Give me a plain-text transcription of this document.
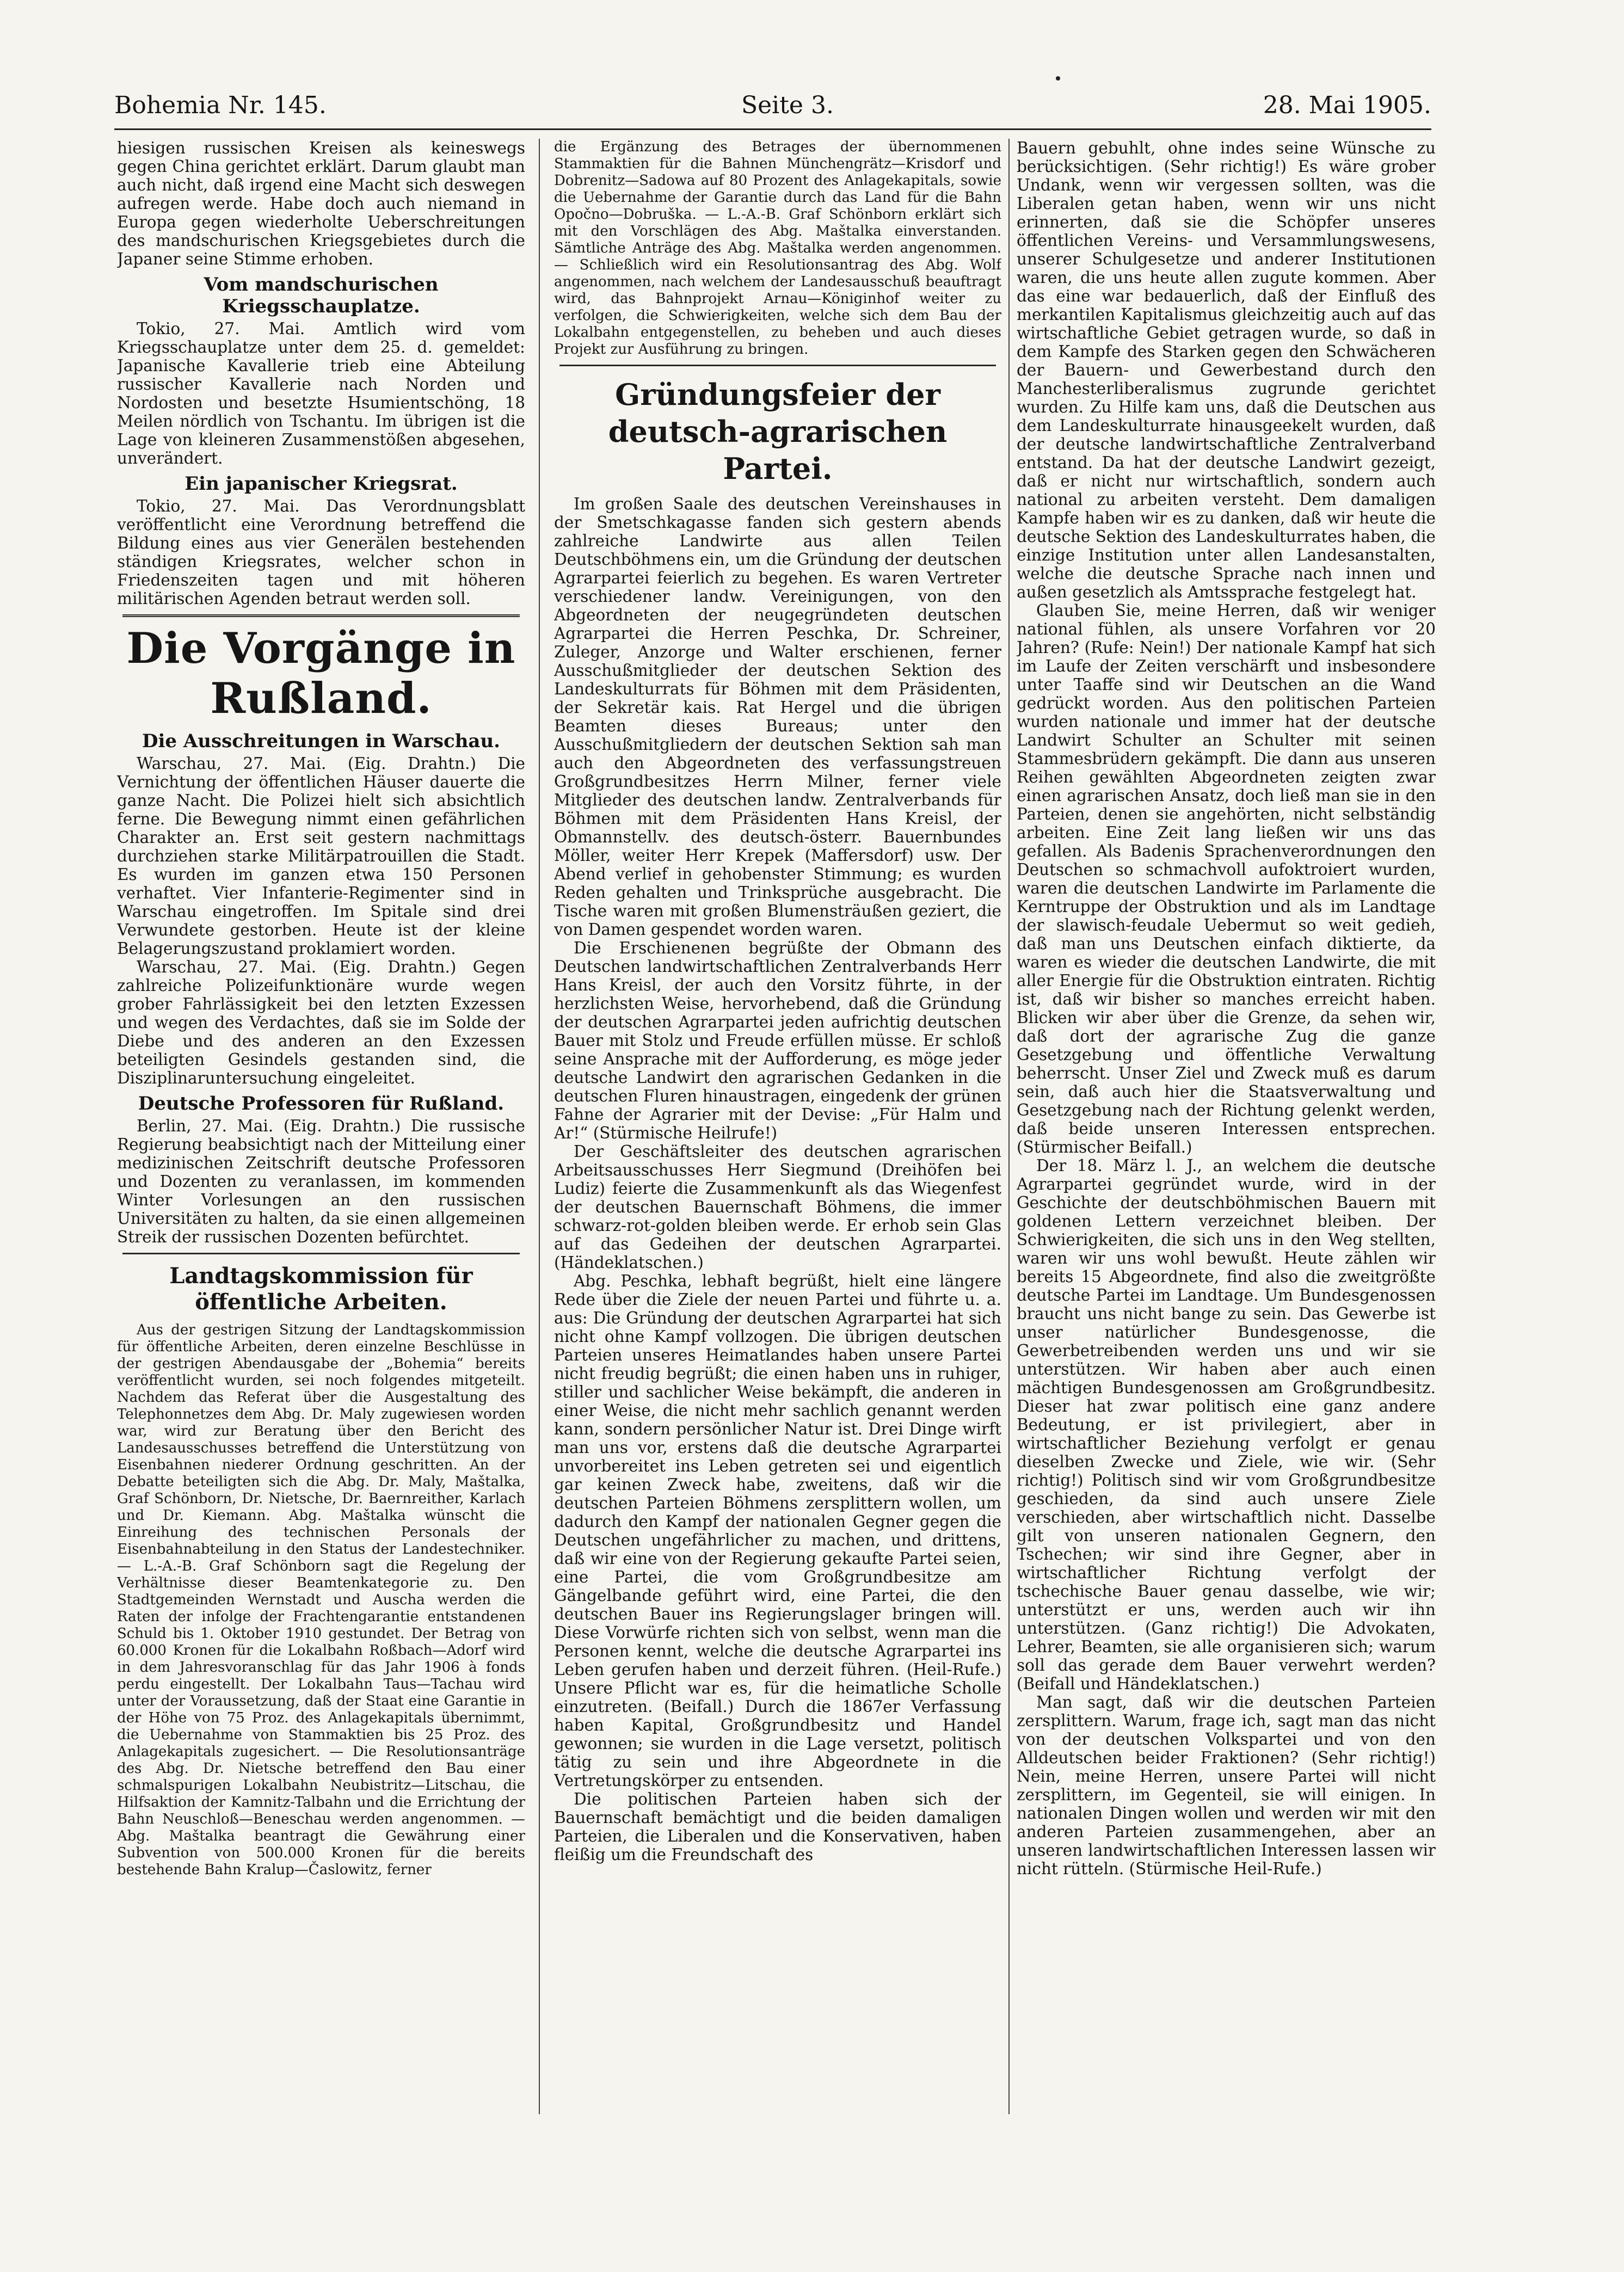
Bohemia Nr. 145.	Seite 3.	28. Mai 1905.

hiesigen russischen Kreisen als keineswegs gegen China gerichtet erklärt. Darum glaubt man auch nicht, daß irgend eine Macht sich deswegen aufregen werde. Habe doch auch niemand in Europa gegen wiederholte Ueberschreitungen des mandschurischen Kriegsgebietes durch die Japaner seine Stimme erhoben.

Vom mandschurischen Kriegsschauplatze.

Tokio, 27. Mai. Amtlich wird vom Kriegsschauplatze unter dem 25. d. gemeldet: Japanische Kavallerie trieb eine Abteilung russischer Kavallerie nach Norden und Nordosten und besetzte Hsumientschöng, 18 Meilen nördlich von Tschantu. Im übrigen ist die Lage von kleineren Zusammenstößen abgesehen, unverändert.

Ein japanischer Kriegsrat.

Tokio, 27. Mai. Das Verordnungsblatt veröffentlicht eine Verordnung betreffend die Bildung eines aus vier Generälen bestehenden ständigen Kriegsrates, welcher schon in Friedenszeiten tagen und mit höheren militärischen Agenden betraut werden soll.

Die Vorgänge in Rußland.
Die Ausschreitungen in Warschau.

Warschau, 27. Mai. (Eig. Drahtn.) Die Vernichtung der öffentlichen Häuser dauerte die ganze Nacht. Die Polizei hielt sich absichtlich ferne. Die Bewegung nimmt einen gefährlichen Charakter an. Erst seit gestern nachmittags durchziehen starke Militärpatrouillen die Stadt. Es wurden im ganzen etwa 150 Personen verhaftet. Vier Infanterie-Regimenter sind in Warschau eingetroffen. Im Spitale sind drei Verwundete gestorben. Heute ist der kleine Belagerungszustand proklamiert worden.

Warschau, 27. Mai. (Eig. Drahtn.) Gegen zahlreiche Polizeifunktionäre wurde wegen grober Fahrlässigkeit bei den letzten Exzessen und wegen des Verdachtes, daß sie im Solde der Diebe und des anderen an den Exzessen beteiligten Gesindels gestanden sind, die Disziplinaruntersuchung eingeleitet.

Deutsche Professoren für Rußland.

Berlin, 27. Mai. (Eig. Drahtn.) Die russische Regierung beabsichtigt nach der Mitteilung einer medizinischen Zeitschrift deutsche Professoren und Dozenten zu veranlassen, im kommenden Winter Vorlesungen an den russischen Universitäten zu halten, da sie einen allgemeinen Streik der russischen Dozenten befürchtet.

Landtagskommission für öffentliche Arbeiten.

Aus der gestrigen Sitzung der Landtagskommission für öffentliche Arbeiten, deren einzelne Beschlüsse in der gestrigen Abendausgabe der „Bohemia“ bereits veröffentlicht wurden, sei noch folgendes mitgeteilt. Nachdem das Referat über die Ausgestaltung des Telephonnetzes dem Abg. Dr. Maly zugewiesen worden war, wird zur Beratung über den Bericht des Landesausschusses betreffend die Unterstützung von Eisenbahnen niederer Ordnung geschritten. An der Debatte beteiligten sich die Abg. Dr. Maly, Maštalka, Graf Schönborn, Dr. Nietsche, Dr. Baernreither, Karlach und Dr. Kiemann. Abg. Maštalka wünscht die Einreihung des technischen Personals der Eisenbahnabteilung in den Status der Landestechniker. — L.-A.-B. Graf Schönborn sagt die Regelung der Verhältnisse dieser Beamtenkategorie zu. Den Stadtgemeinden Wernstadt und Auscha werden die Raten der infolge der Frachtengarantie entstandenen Schuld bis 1. Oktober 1910 gestundet. Der Betrag von 60.000 Kronen für die Lokalbahn Roßbach—Adorf wird in dem Jahresvoranschlag für das Jahr 1906 à fonds perdu eingestellt. Der Lokalbahn Taus—Tachau wird unter der Voraussetzung, daß der Staat eine Garantie in der Höhe von 75 Proz. des Anlagekapitals übernimmt, die Uebernahme von Stammaktien bis 25 Proz. des Anlagekapitals zugesichert. — Die Resolutionsanträge des Abg. Dr. Nietsche betreffend den Bau einer schmalspurigen Lokalbahn Neubistritz—Litschau, die Hilfsaktion der Kamnitz-Talbahn und die Errichtung der Bahn Neuschloß—Beneschau werden angenommen. — Abg. Maštalka beantragt die Gewährung einer Subvention von 500.000 Kronen für die bereits bestehende Bahn Kralup—Časlowitz, ferner

die Ergänzung des Betrages der übernommenen Stammaktien für die Bahnen Münchengrätz—Krisdorf und Dobrenitz—Sadowa auf 80 Prozent des Anlagekapitals, sowie die Uebernahme der Garantie durch das Land für die Bahn Opočno—Dobruška. — L.-A.-B. Graf Schönborn erklärt sich mit den Vorschlägen des Abg. Maštalka einverstanden. Sämtliche Anträge des Abg. Maštalka werden angenommen. — Schließlich wird ein Resolutionsantrag des Abg. Wolf angenommen, nach welchem der Landesausschuß beauftragt wird, das Bahnprojekt Arnau—Königinhof weiter zu verfolgen, die Schwierigkeiten, welche sich dem Bau der Lokalbahn entgegenstellen, zu beheben und auch dieses Projekt zur Ausführung zu bringen.

Gründungsfeier der deutsch-agrarischen Partei.

Im großen Saale des deutschen Vereinshauses in der Smetschkagasse fanden sich gestern abends zahlreiche Landwirte aus allen Teilen Deutschböhmens ein, um die Gründung der deutschen Agrarpartei feierlich zu begehen. Es waren Vertreter verschiedener landw. Vereinigungen, von den Abgeordneten der neugegründeten deutschen Agrarpartei die Herren Peschka, Dr. Schreiner, Zuleger, Anzorge und Walter erschienen, ferner Ausschußmitglieder der deutschen Sektion des Landeskulturrats für Böhmen mit dem Präsidenten, der Sekretär kais. Rat Hergel und die übrigen Beamten dieses Bureaus; unter den Ausschußmitgliedern der deutschen Sektion sah man auch den Abgeordneten des verfassungstreuen Großgrundbesitzes Herrn Milner, ferner viele Mitglieder des deutschen landw. Zentralverbands für Böhmen mit dem Präsidenten Hans Kreisl, der Obmannstellv. des deutsch-österr. Bauernbundes Möller, weiter Herr Krepek (Maffersdorf) usw. Der Abend verlief in gehobenster Stimmung; es wurden Reden gehalten und Trinksprüche ausgebracht. Die Tische waren mit großen Blumensträußen geziert, die von Damen gespendet worden waren.

Die Erschienenen begrüßte der Obmann des Deutschen landwirtschaftlichen Zentralverbands Herr Hans Kreisl, der auch den Vorsitz führte, in der herzlichsten Weise, hervorhebend, daß die Gründung der deutschen Agrarpartei jeden aufrichtig deutschen Bauer mit Stolz und Freude erfüllen müsse. Er schloß seine Ansprache mit der Aufforderung, es möge jeder deutsche Landwirt den agrarischen Gedanken in die deutschen Fluren hinaustragen, eingedenk der grünen Fahne der Agrarier mit der Devise: „Für Halm und Ar!“ (Stürmische Heilrufe!)

Der Geschäftsleiter des deutschen agrarischen Arbeitsausschusses Herr Siegmund (Dreihöfen bei Ludiz) feierte die Zusammenkunft als das Wiegenfest der deutschen Bauernschaft Böhmens, die immer schwarz-rot-golden bleiben werde. Er erhob sein Glas auf das Gedeihen der deutschen Agrarpartei. (Händeklatschen.)

Abg. Peschka, lebhaft begrüßt, hielt eine längere Rede über die Ziele der neuen Partei und führte u. a. aus: Die Gründung der deutschen Agrarpartei hat sich nicht ohne Kampf vollzogen. Die übrigen deutschen Parteien unseres Heimatlandes haben unsere Partei nicht freudig begrüßt; die einen haben uns in ruhiger, stiller und sachlicher Weise bekämpft, die anderen in einer Weise, die nicht mehr sachlich genannt werden kann, sondern persönlicher Natur ist. Drei Dinge wirft man uns vor, erstens daß die deutsche Agrarpartei unvorbereitet ins Leben getreten sei und eigentlich gar keinen Zweck habe, zweitens, daß wir die deutschen Parteien Böhmens zersplittern wollen, um dadurch den Kampf der nationalen Gegner gegen die Deutschen ungefährlicher zu machen, und drittens, daß wir eine von der Regierung gekaufte Partei seien, eine Partei, die vom Großgrundbesitze am Gängelbande geführt wird, eine Partei, die den deutschen Bauer ins Regierungslager bringen will. Diese Vorwürfe richten sich von selbst, wenn man die Personen kennt, welche die deutsche Agrarpartei ins Leben gerufen haben und derzeit führen. (Heil-Rufe.) Unsere Pflicht war es, für die heimatliche Scholle einzutreten. (Beifall.) Durch die 1867er Verfassung haben Kapital, Großgrundbesitz und Handel gewonnen; sie wurden in die Lage versetzt, politisch tätig zu sein und ihre Abgeordnete in die Vertretungskörper zu entsenden.

Die politischen Parteien haben sich der Bauernschaft bemächtigt und die beiden damaligen Parteien, die Liberalen und die Konservativen, haben fleißig um die Freundschaft des

Bauern gebuhlt, ohne indes seine Wünsche zu berücksichtigen. (Sehr richtig!) Es wäre grober Undank, wenn wir vergessen sollten, was die Liberalen getan haben, wenn wir uns nicht erinnerten, daß sie die Schöpfer unseres öffentlichen Vereins- und Versammlungswesens, unserer Schulgesetze und anderer Institutionen waren, die uns heute allen zugute kommen. Aber das eine war bedauerlich, daß der Einfluß des merkantilen Kapitalismus gleichzeitig auch auf das wirtschaftliche Gebiet getragen wurde, so daß in dem Kampfe des Starken gegen den Schwächeren der Bauern- und Gewerbestand durch den Manchesterliberalismus zugrunde gerichtet wurden. Zu Hilfe kam uns, daß die Deutschen aus dem Landeskulturrate hinausgeekelt wurden, daß der deutsche landwirtschaftliche Zentralverband entstand. Da hat der deutsche Landwirt gezeigt, daß er nicht nur wirtschaftlich, sondern auch national zu arbeiten versteht. Dem damaligen Kampfe haben wir es zu danken, daß wir heute die deutsche Sektion des Landeskulturrates haben, die einzige Institution unter allen Landesanstalten, welche die deutsche Sprache nach innen und außen gesetzlich als Amtssprache festgelegt hat.

Glauben Sie, meine Herren, daß wir weniger national fühlen, als unsere Vorfahren vor 20 Jahren? (Rufe: Nein!) Der nationale Kampf hat sich im Laufe der Zeiten verschärft und insbesondere unter Taaffe sind wir Deutschen an die Wand gedrückt worden. Aus den politischen Parteien wurden nationale und immer hat der deutsche Landwirt Schulter an Schulter mit seinen Stammesbrüdern gekämpft. Die dann aus unseren Reihen gewählten Abgeordneten zeigten zwar einen agrarischen Ansatz, doch ließ man sie in den Parteien, denen sie angehörten, nicht selbständig arbeiten. Eine Zeit lang ließen wir uns das gefallen. Als Badenis Sprachenverordnungen den Deutschen so schmachvoll aufoktroiert wurden, waren die deutschen Landwirte im Parlamente die Kerntruppe der Obstruktion und als im Landtage der slawisch-feudale Uebermut so weit gedieh, daß man uns Deutschen einfach diktierte, da waren es wieder die deutschen Landwirte, die mit aller Energie für die Obstruktion eintraten. Richtig ist, daß wir bisher so manches erreicht haben. Blicken wir aber über die Grenze, da sehen wir, daß dort der agrarische Zug die ganze Gesetzgebung und öffentliche Verwaltung beherrscht. Unser Ziel und Zweck muß es darum sein, daß auch hier die Staatsverwaltung und Gesetzgebung nach der Richtung gelenkt werden, daß beide unseren Interessen entsprechen. (Stürmischer Beifall.)

Der 18. März l. J., an welchem die deutsche Agrarpartei gegründet wurde, wird in der Geschichte der deutschböhmischen Bauern mit goldenen Lettern verzeichnet bleiben. Der Schwierigkeiten, die sich uns in den Weg stellten, waren wir uns wohl bewußt. Heute zählen wir bereits 15 Abgeordnete, find also die zweitgrößte deutsche Partei im Landtage. Um Bundesgenossen braucht uns nicht bange zu sein. Das Gewerbe ist unser natürlicher Bundesgenosse, die Gewerbetreibenden werden uns und wir sie unterstützen. Wir haben aber auch einen mächtigen Bundesgenossen am Großgrundbesitz. Dieser hat zwar politisch eine ganz andere Bedeutung, er ist privilegiert, aber in wirtschaftlicher Beziehung verfolgt er genau dieselben Zwecke und Ziele, wie wir. (Sehr richtig!) Politisch sind wir vom Großgrundbesitze geschieden, da sind auch unsere Ziele verschieden, aber wirtschaftlich nicht. Dasselbe gilt von unseren nationalen Gegnern, den Tschechen; wir sind ihre Gegner, aber in wirtschaftlicher Richtung verfolgt der tschechische Bauer genau dasselbe, wie wir; unterstützt er uns, werden auch wir ihn unterstützen. (Ganz richtig!) Die Advokaten, Lehrer, Beamten, sie alle organisieren sich; warum soll das gerade dem Bauer verwehrt werden? (Beifall und Händeklatschen.)

Man sagt, daß wir die deutschen Parteien zersplittern. Warum, frage ich, sagt man das nicht von der deutschen Volkspartei und von den Alldeutschen beider Fraktionen? (Sehr richtig!) Nein, meine Herren, unsere Partei will nicht zersplittern, im Gegenteil, sie will einigen. In nationalen Dingen wollen und werden wir mit den anderen Parteien zusammengehen, aber an unseren landwirtschaftlichen Interessen lassen wir nicht rütteln. (Stürmische Heil-Rufe.)
